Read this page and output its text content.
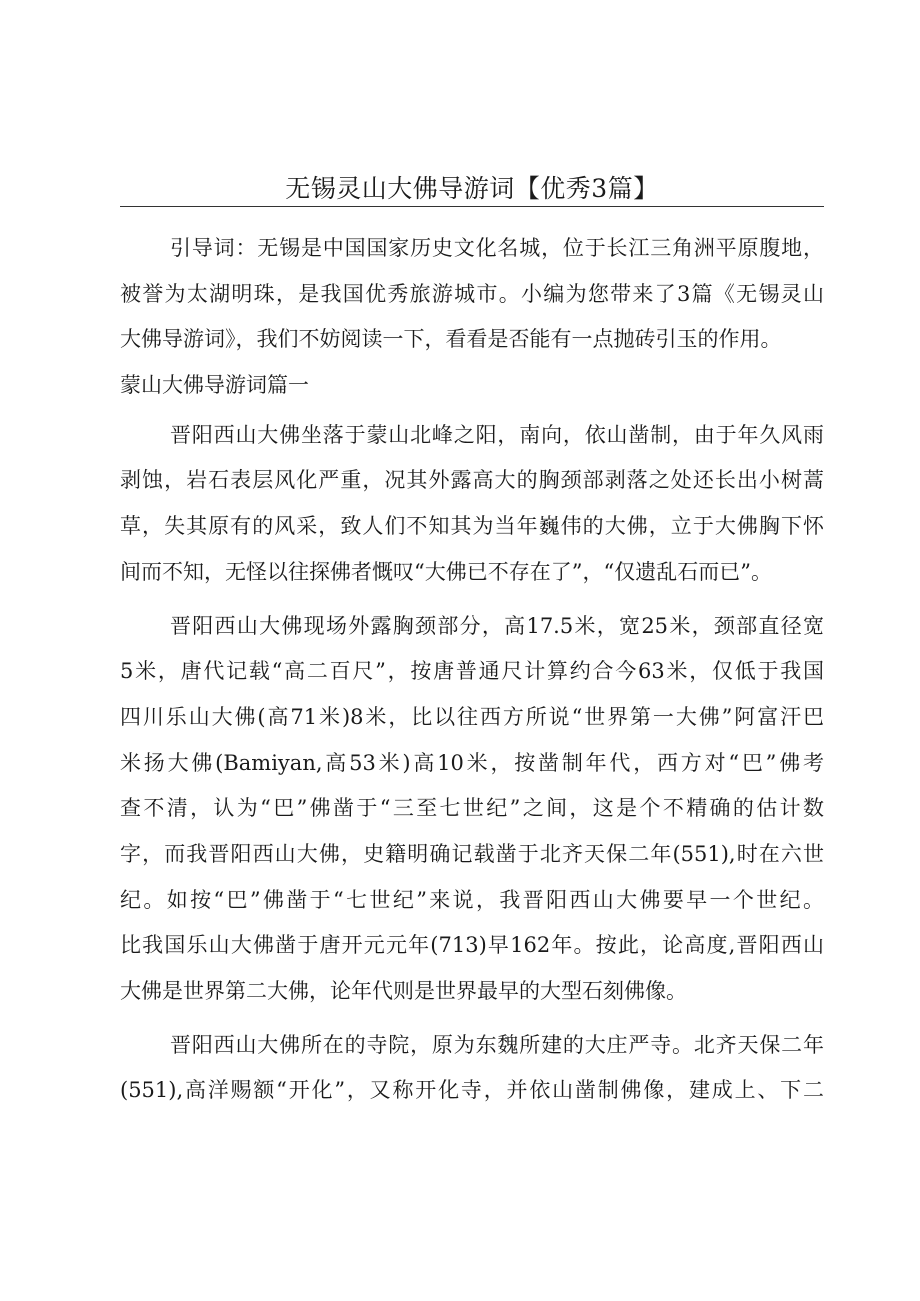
无锡灵山大佛导游词【优秀3篇】
引导词：无锡是中国国家历史文化名城，位于长江三角洲平原腹地，
被誉为太湖明珠，是我国优秀旅游城市。小编为您带来了3篇《无锡灵山
大佛导游词》，我们不妨阅读一下，看看是否能有一点抛砖引玉的作用。
蒙山大佛导游词篇一
晋阳西山大佛坐落于蒙山北峰之阳，南向，依山凿制，由于年久风雨
剥蚀，岩石表层风化严重，况其外露高大的胸颈部剥落之处还长出小树蒿
草，失其原有的风采，致人们不知其为当年巍伟的大佛，立于大佛胸下怀
间而不知，无怪以往探佛者慨叹“大佛已不存在了”，“仅遗乱石而已”。
晋阳西山大佛现场外露胸颈部分，高17.5米，宽25米，颈部直径宽
5米，唐代记载“高二百尺”，按唐普通尺计算约合今63米，仅低于我国
四川乐山大佛(高71米)8米，比以往西方所说“世界第一大佛”阿富汗巴
米扬大佛(Bamiyan,高53米)高10米，按凿制年代，西方对“巴”佛考
查不清，认为“巴”佛凿于“三至七世纪”之间，这是个不精确的估计数
字，而我晋阳西山大佛，史籍明确记载凿于北齐天保二年(551),时在六世
纪。如按“巴”佛凿于“七世纪”来说，我晋阳西山大佛要早一个世纪。
比我国乐山大佛凿于唐开元元年(713)早162年。按此，论高度,晋阳西山
大佛是世界第二大佛，论年代则是世界最早的大型石刻佛像。
晋阳西山大佛所在的寺院，原为东魏所建的大庄严寺。北齐天保二年
(551),高洋赐额“开化”，又称开化寺，并依山凿制佛像，建成上、下二
